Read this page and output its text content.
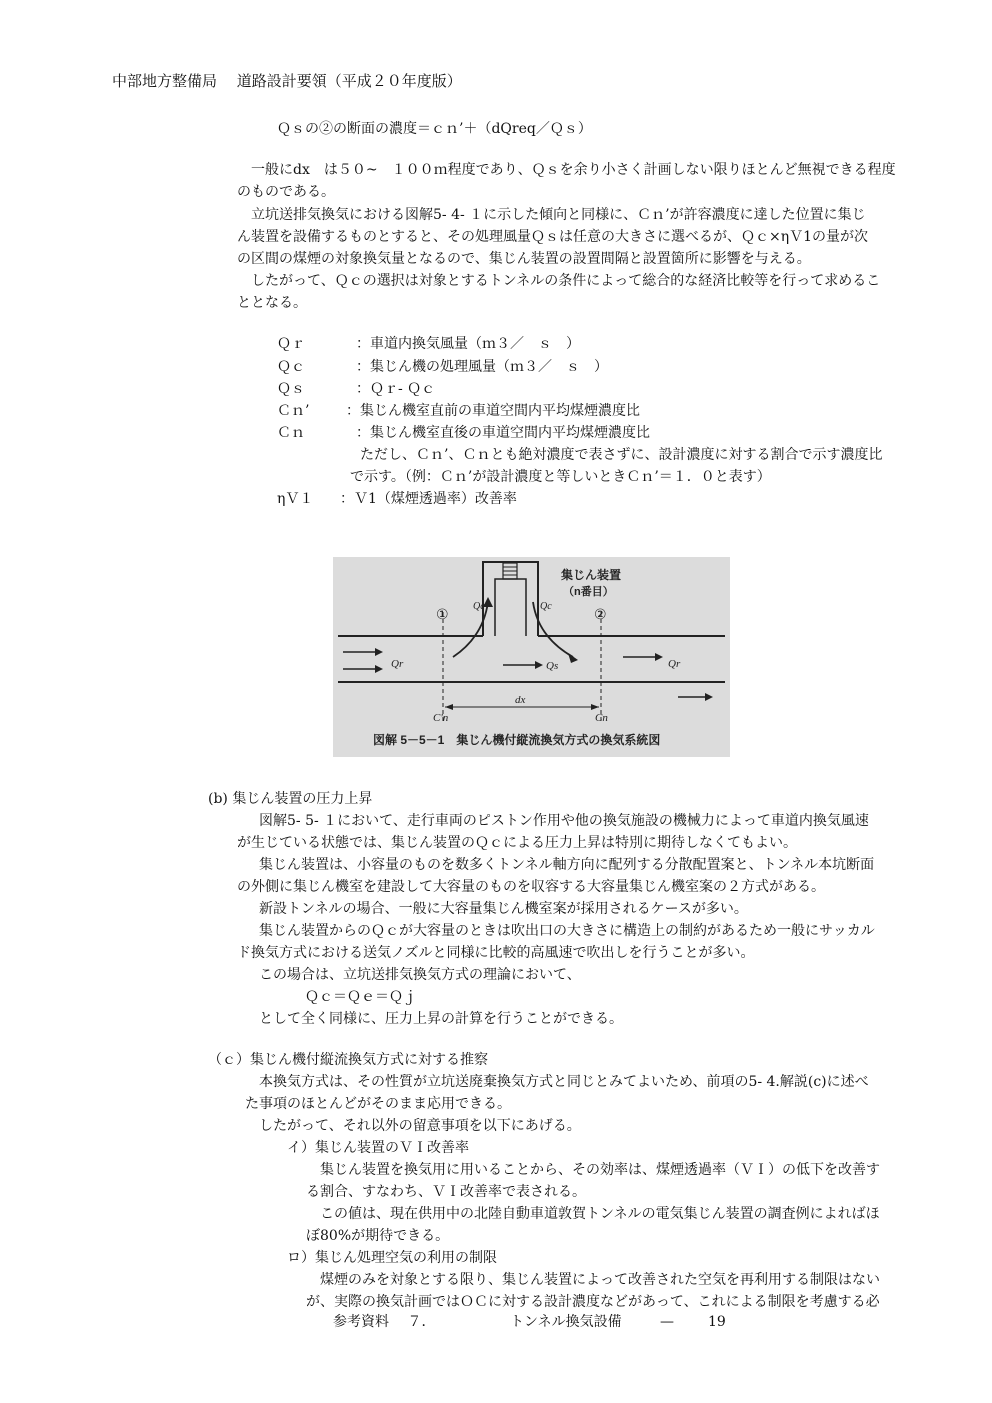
中部地方整備局　 道路設計要領（平成２０年度版）
Ｑｓの②の断面の濃度＝ｃｎ’＋（dQreq／Ｑｓ）
一般にdx　は５０~　１００ｍ程度であり、Ｑｓを余り小さく計画しない限りほとんど無視できる程度
のものである。
立坑送排気換気における図解5- 4- １に示した傾向と同様に、Ｃｎ’が許容濃度に達した位置に集じ
ん装置を設備するものとすると、その処理風量Ｑｓは任意の大きさに選べるが、Ｑｃ×ηＶ1の量が次
の区間の煤煙の対象換気量となるので、集じん装置の設置間隔と設置箇所に影響を与える。
したがって、Ｑｃの選択は対象とするトンネルの条件によって総合的な経済比較等を行って求めるこ
ととなる。
Ｑｒ	：車道内換気風量（ｍ３／　ｓ　）
Ｑｃ	：集じん機の処理風量（ｍ３／　ｓ　）
Ｑｓ	：Ｑｒ- Ｑｃ
Ｃｎ’	：集じん機室直前の車道空間内平均煤煙濃度比
Ｃｎ	：集じん機室直後の車道空間内平均煤煙濃度比
ただし、Ｃｎ’、Ｃｎとも絶対濃度で表さずに、設計濃度に対する割合で示す濃度比
で示す。（例：Ｃｎ’が設計濃度と等しいときＣｎ’＝１．０と表す）
ηＶ１ ：Ｖ1（煤煙透過率）改善率
集じん装置
（n番目）
①	②
Qc	Qc
Qr	Qs	Qr
dx
C'n	Cn
図解 5－5－1　集じん機付縦流換気方式の換気系統図
(b) 集じん装置の圧力上昇
図解5- 5- １において、走行車両のピストン作用や他の換気施設の機械力によって車道内換気風速
が生じている状態では、集じん装置のＱｃによる圧力上昇は特別に期待しなくてもよい。
集じん装置は、小容量のものを数多くトンネル軸方向に配列する分散配置案と、トンネル本坑断面
の外側に集じん機室を建設して大容量のものを収容する大容量集じん機室案の２方式がある。
新設トンネルの場合、一般に大容量集じん機室案が採用されるケースが多い。
集じん装置からのＱｃが大容量のときは吹出口の大きさに構造上の制約があるため一般にサッカル
ド換気方式における送気ノズルと同様に比較的高風速で吹出しを行うことが多い。
この場合は、立坑送排気換気方式の理論において、
Ｑｃ＝Ｑｅ＝Ｑｊ
として全く同様に、圧力上昇の計算を行うことができる。
（ｃ）集じん機付縦流換気方式に対する推察
本換気方式は、その性質が立坑送廃棄換気方式と同じとみてよいため、前項の5- 4.解説(c)に述べ
た事項のほとんどがそのまま応用できる。
したがって、それ以外の留意事項を以下にあげる。
イ）集じん装置のＶＩ改善率
集じん装置を換気用に用いることから、その効率は、煤煙透過率（ＶＩ）の低下を改善す
る割合、すなわち、ＶＩ改善率で表される。
この値は、現在供用中の北陸自動車道敦賀トンネルの電気集じん装置の調査例によればほ
ぼ80%が期待できる。
ロ）集じん処理空気の利用の制限
煤煙のみを対象とする限り、集じん装置によって改善された空気を再利用する制限はない
が、実際の換気計画ではＯＣに対する設計濃度などがあって、これによる制限を考慮する必
参考資料　 ７．	トンネル換気設備	— 19
